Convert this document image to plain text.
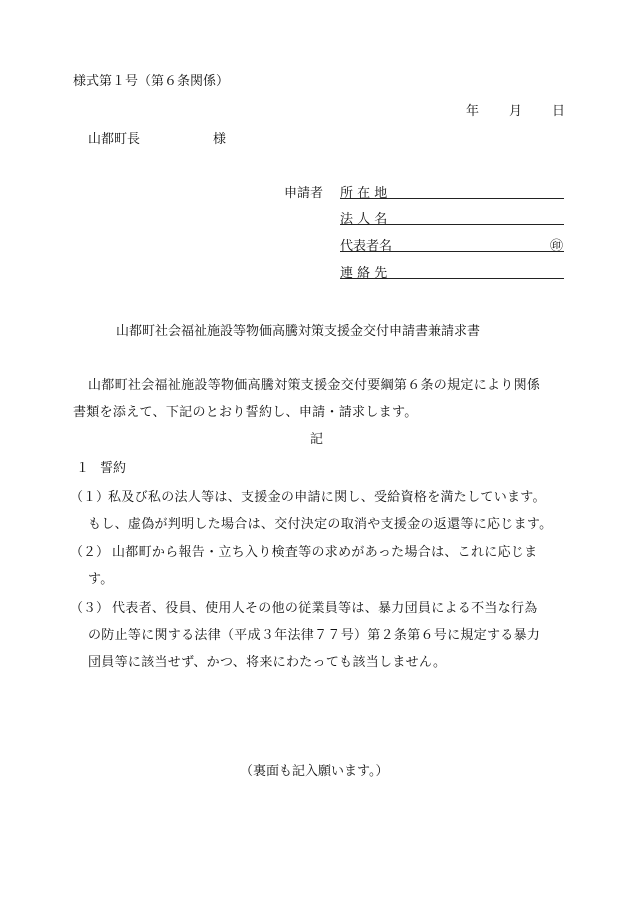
様式第１号（第６条関係）
年 月 日
山都町長	様
申請者 所 在 地
法 人 名
代表者名	㊞
連 絡 先
山都町社会福祉施設等物価高騰対策支援金交付申請書兼請求書
山都町社会福祉施設等物価高騰対策支援金交付要綱第６条の規定により関係
書類を添えて、下記のとおり誓約し、申請・請求します。
記
１ 誓約
（１）
私及び私の法人等は、支援金の申請に関し、受給資格を満たしています。
もし、虚偽が判明した場合は、交付決定の取消や支援金の返還等に応じます。
（２） 山都町から報告・立ち入り検査等の求めがあった場合は、これに応じま
す。
（３） 代表者、役員、使用人その他の従業員等は、暴力団員による不当な行為
の防止等に関する法律（平成３年法律７７号）第２条第６号に規定する暴力
団員等に該当せず、かつ、将来にわたっても該当しません。
（裏面も記入願います。）
